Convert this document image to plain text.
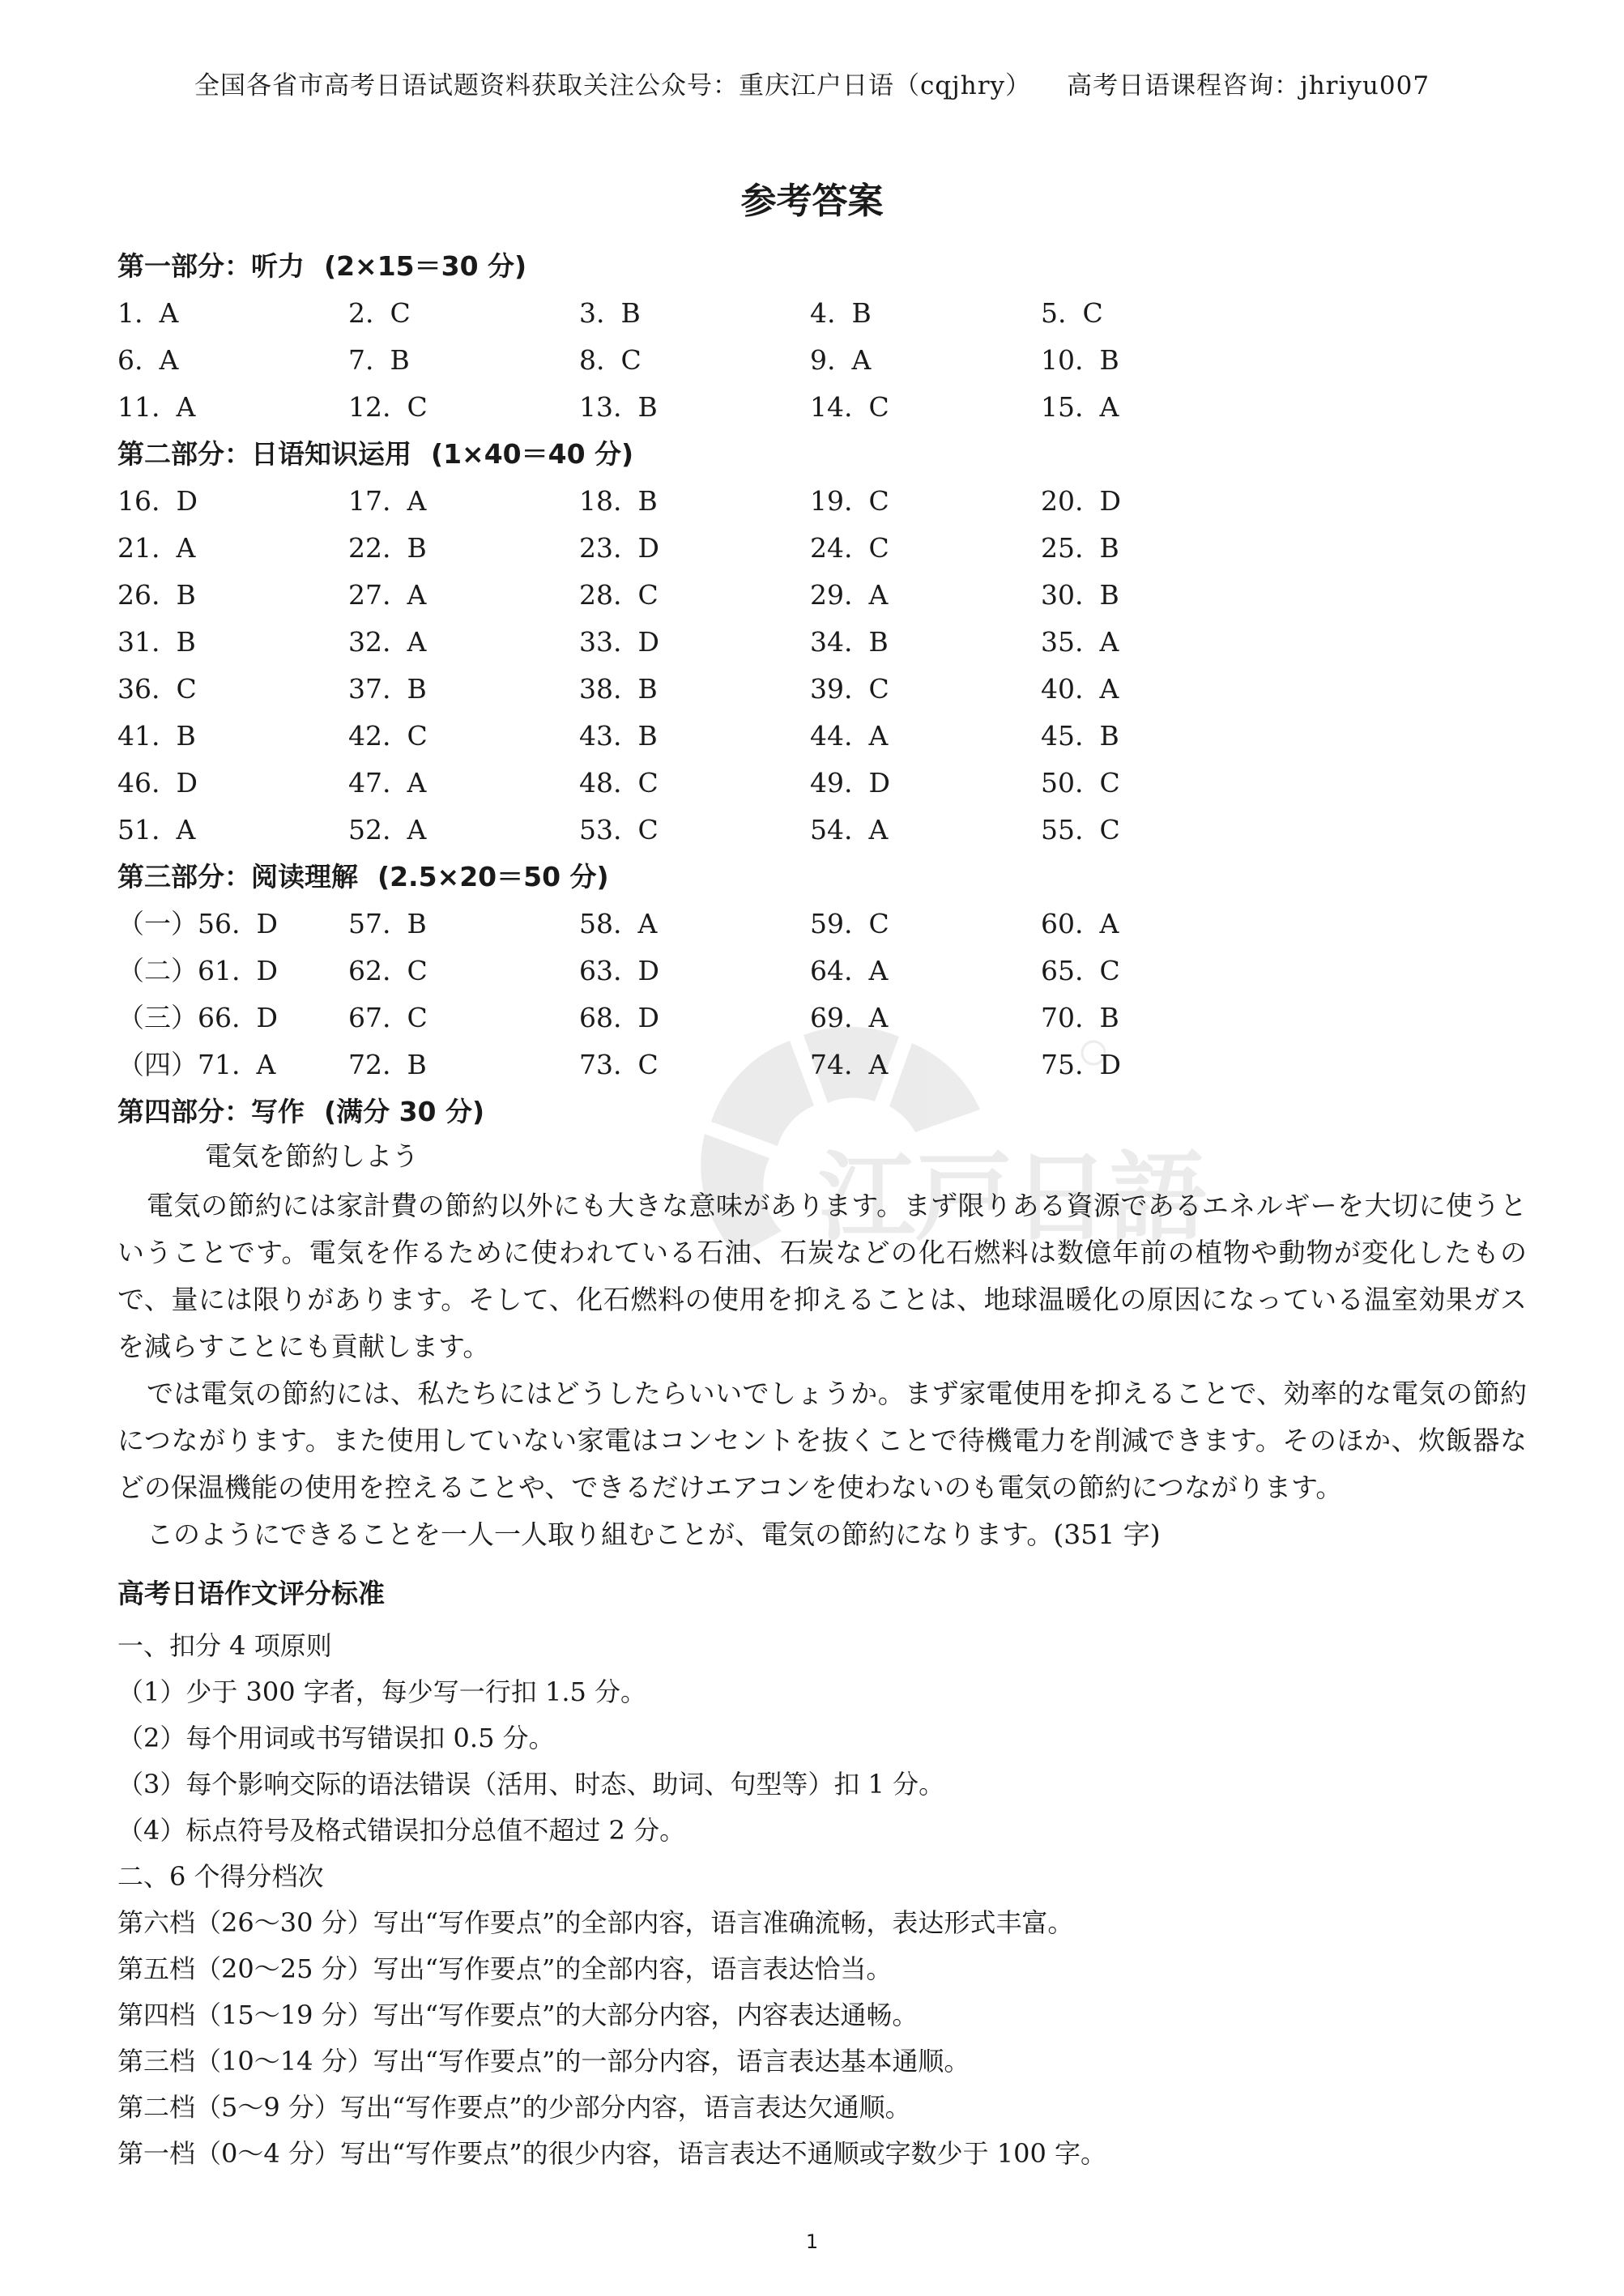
全国各省市高考日语试题资料获取关注公众号：重庆江户日语（cqjhry） 高考日语课程咨询：jhriyu007
参考答案
江戸日語
第一部分：听力 (2×15＝30 分)
1. A	2. C	3. B	4. B	5. C
6. A	7. B	8. C	9. A	10. B
11. A	12. C	13. B	14. C	15. A
第二部分：日语知识运用 (1×40＝40 分)
16. D	17. A	18. B	19. C	20. D
21. A	22. B	23. D	24. C	25. B
26. B	27. A	28. C	29. A	30. B
31. B	32. A	33. D	34. B	35. A
36. C	37. B	38. B	39. C	40. A
41. B	42. C	43. B	44. A	45. B
46. D	47. A	48. C	49. D	50. C
51. A	52. A	53. C	54. A	55. C
第三部分：阅读理解 (2.5×20＝50 分)
（一）56. D	57. B	58. A	59. C	60. A
（二）61. D	62. C	63. D	64. A	65. C
（三）66. D	67. C	68. D	69. A	70. B
（四）71. A	72. B	73. C	74. A	75. D
第四部分：写作 (满分 30 分)
電気を節約しよう

電気の節約には家計費の節約以外にも大きな意味があります。まず限りある資源であるエネルギーを大切に使うということです。電気を作るために使われている石油、石炭などの化石燃料は数億年前の植物や動物が変化したもので、量には限りがあります。そして、化石燃料の使用を抑えることは、地球温暖化の原因になっている温室効果ガスを減らすことにも貢献します。

では電気の節約には、私たちにはどうしたらいいでしょうか。まず家電使用を抑えることで、効率的な電気の節約につながります。また使用していない家電はコンセントを抜くことで待機電力を削減できます。そのほか、炊飯器などの保温機能の使用を控えることや、できるだけエアコンを使わないのも電気の節約につながります。

このようにできることを一人一人取り組むことが、電気の節約になります。(351 字)

高考日语作文评分标准
一、扣分 4 项原则
（1）少于 300 字者，每少写一行扣 1.5 分。
（2）每个用词或书写错误扣 0.5 分。
（3）每个影响交际的语法错误（活用、时态、助词、句型等）扣 1 分。
（4）标点符号及格式错误扣分总值不超过 2 分。
二、6 个得分档次
第六档（26～30 分）写出“写作要点”的全部内容，语言准确流畅，表达形式丰富。
第五档（20～25 分）写出“写作要点”的全部内容，语言表达恰当。
第四档（15～19 分）写出“写作要点”的大部分内容，内容表达通畅。
第三档（10～14 分）写出“写作要点”的一部分内容，语言表达基本通顺。
第二档（5～9 分）写出“写作要点”的少部分内容，语言表达欠通顺。
第一档（0～4 分）写出“写作要点”的很少内容，语言表达不通顺或字数少于 100 字。
1
